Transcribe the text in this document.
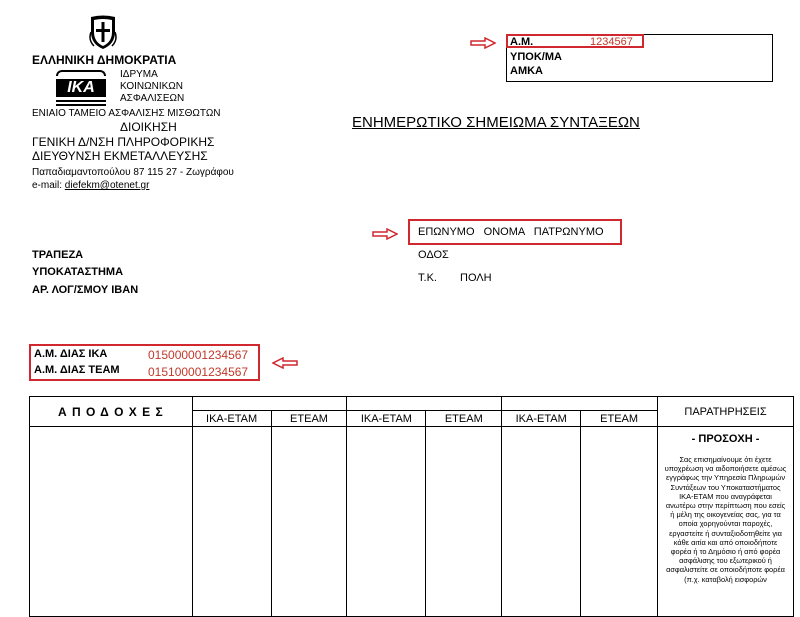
ΕΛΛΗΝΙΚΗ ΔΗΜΟΚΡΑΤΙΑ
IKA
ΙΔΡΥΜΑ
ΚΟΙΝΩΝΙΚΩΝ
ΑΣΦΑΛΙΣΕΩΝ
ΕΝΙΑΙΟ ΤΑΜΕΙΟ ΑΣΦΑΛΙΣΗΣ ΜΙΣΘΩΤΩΝ
ΔΙΟΙΚΗΣΗ
ΓΕΝΙΚΗ Δ/ΝΣΗ ΠΛΗΡΟΦΟΡΙΚΗΣ
ΔΙΕΥΘΥΝΣΗ ΕΚΜΕΤΑΛΛΕΥΣΗΣ
Παπαδιαμαντοπούλου 87 115 27 - Ζωγράφου
e-mail: diefekm@otenet.gr
Α.Μ.	1234567
ΥΠΟΚ/ΜΑ
ΑΜΚΑ
ΕΝΗΜΕΡΩΤΙΚΟ ΣΗΜΕΙΩΜΑ ΣΥΝΤΑΞΕΩΝ
ΕΠΩΝΥΜΟ   ΟΝΟΜΑ   ΠΑΤΡΩΝΥΜΟ
ΟΔΟΣ
Τ.Κ. ΠΟΛΗ
ΤΡΑΠΕΖΑ
ΥΠΟΚΑΤΑΣΤΗΜΑ
ΑΡ. ΛΟΓ/ΣΜΟΥ IBAN
Α.Μ. ΔΙΑΣ ΙΚΑ	015000001234567
Α.Μ. ΔΙΑΣ ΤΕΑΜ 015100001234567
Α Π Ο Δ Ο Χ Ε Σ							ΠΑΡΑΤΗΡΗΣΕΙΣ
	ΙΚΑ-ΕΤΑΜ	ΕΤΕΑΜ	ΙΚΑ-ΕΤΑΜ	ΕΤΕΑΜ	ΙΚΑ-ΕΤΑΜ	ΕΤΕΑΜ	

							- ΠΡΟΣΟΧΗ -
Σας επισημαίνουμε ότι έχετε υποχρέωση να αιδοποιήσετε αμέσως εγγράφως την Υπηρεσία Πληρωμών Συντάξεων του Υποκαταστήματος ΙΚΑ-ΕΤΑΜ που αναγράφεται ανωτέρω στην περίπτωση που εσείς ή μέλη της οικογενείας σας, για τα οποία χορηγούνται παροχές, εργαστείτε ή συνταξιοδοτηθείτε για κάθε αιτία και από οποιοδήποτε φορέα ή το Δημόσιο ή από φορέα ασφάλισης του εξωτερικού ή ασφαλιστείτε σε οποιοδήποτε φορέα (π.χ. καταβολή εισφορών
